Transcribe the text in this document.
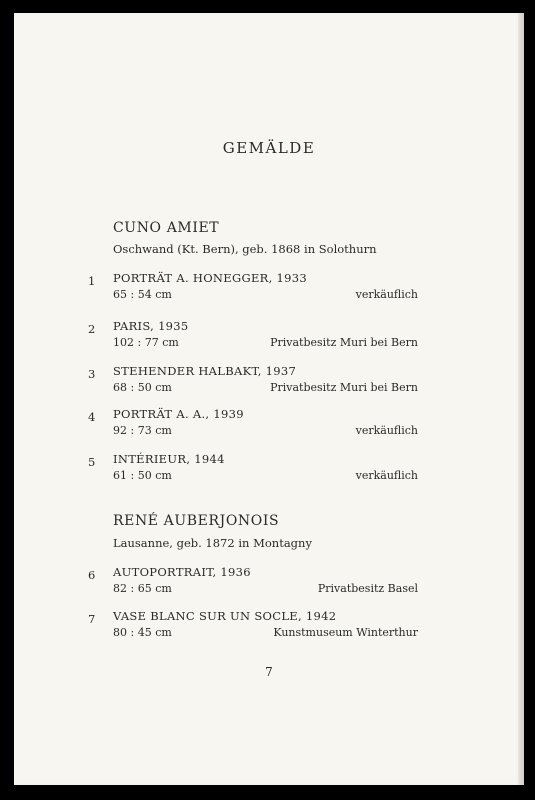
GEMÄLDE
CUNO AMIET
Oschwand (Kt. Bern), geb. 1868 in Solothurn
1	PORTRÄT A. HONEGGER, 1933
65 : 54 cm	verkäuflich
2	PARIS, 1935
102 : 77 cm	Privatbesitz Muri bei Bern
3	STEHENDER HALBAKT, 1937
68 : 50 cm	Privatbesitz Muri bei Bern
4	PORTRÄT A. A., 1939
92 : 73 cm	verkäuflich
5	INTÉRIEUR, 1944
61 : 50 cm	verkäuflich
RENÉ AUBERJONOIS
Lausanne, geb. 1872 in Montagny
6	AUTOPORTRAIT, 1936
82 : 65 cm	Privatbesitz Basel
7	VASE BLANC SUR UN SOCLE, 1942
80 : 45 cm	Kunstmuseum Winterthur
7
